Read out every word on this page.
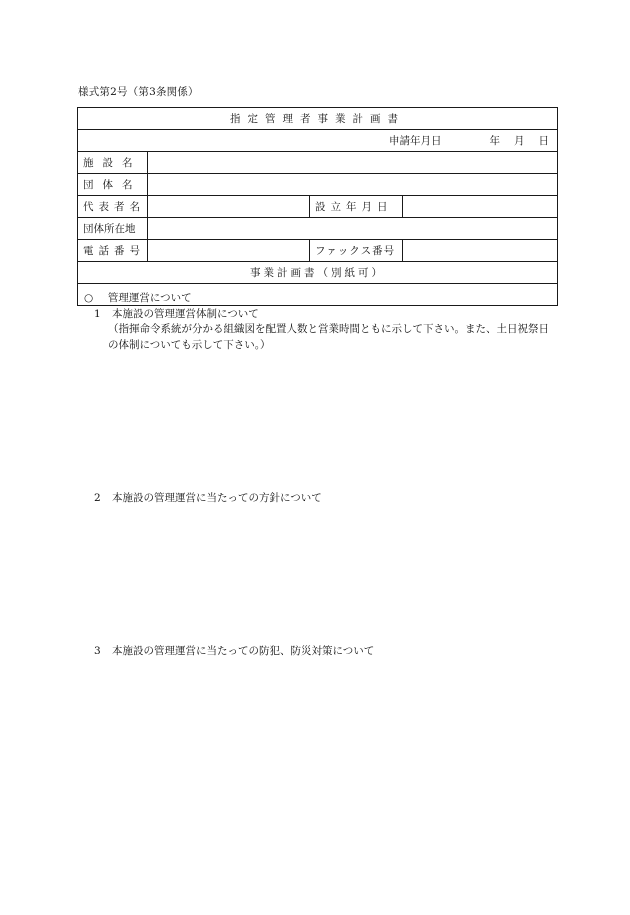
様式第2号（第3条関係）
指定管理者事業計画書			
申請年月日 年 月 日			
施設名			
団体名			
代表者名		設立年月日	
団体所在地			
電話番号		ファックス番号	
事業計画書（別紙可）			

○ 管理運営について
1 本施設の管理運営体制について
（指揮命令系統が分かる組織図を配置人数と営業時間ともに示して下さい。また、土日祝祭日の体制についても示して下さい。）
2 本施設の管理運営に当たっての方針について
3 本施設の管理運営に当たっての防犯、防災対策について			
